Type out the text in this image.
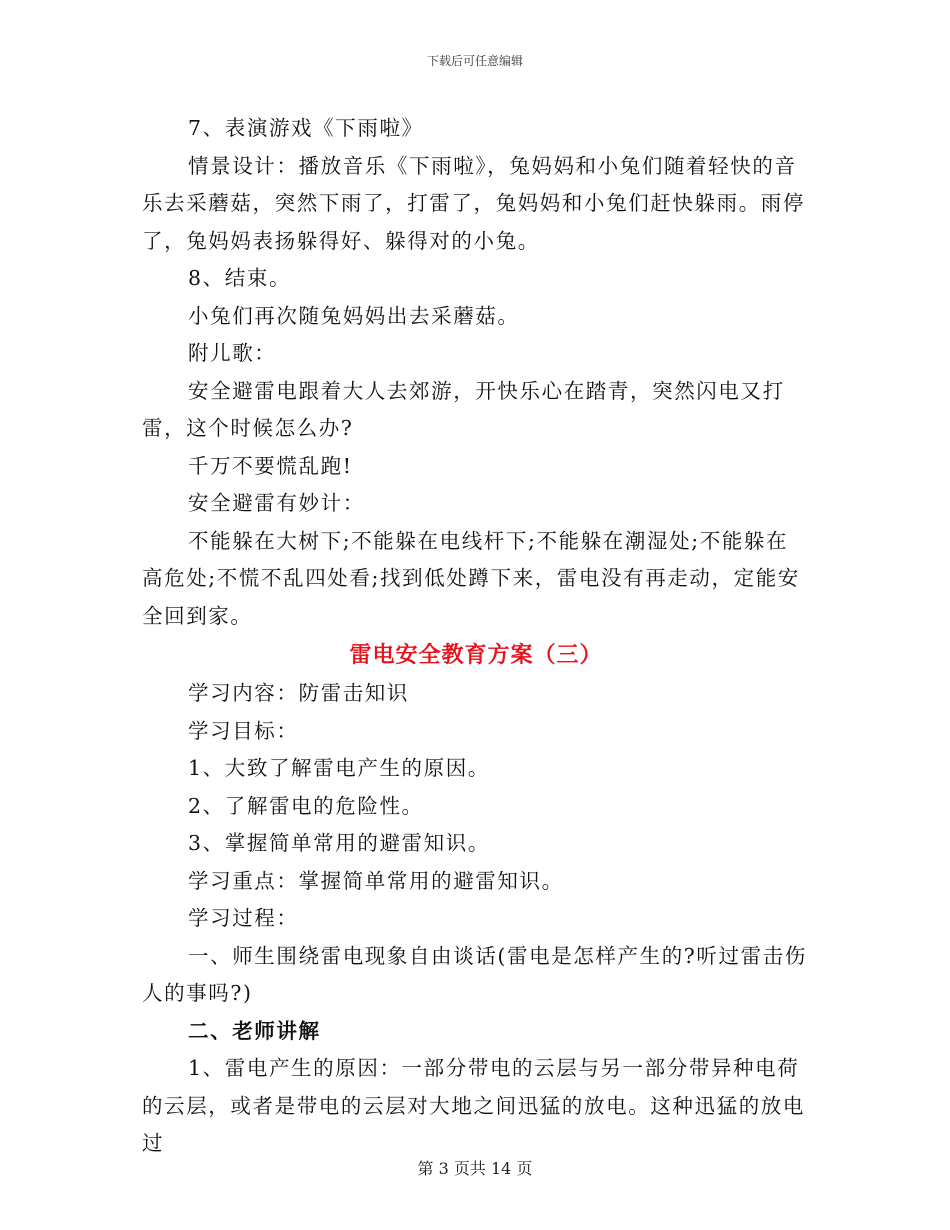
下载后可任意编辑

7、表演游戏《下雨啦》

情景设计：播放音乐《下雨啦》，兔妈妈和小兔们随着轻快的音乐去采蘑菇，突然下雨了，打雷了，兔妈妈和小兔们赶快躲雨。雨停了，兔妈妈表扬躲得好、躲得对的小兔。

8、结束。

小兔们再次随兔妈妈出去采蘑菇。

附儿歌：

安全避雷电跟着大人去郊游，开快乐心在踏青，突然闪电又打雷，这个时候怎么办?

千万不要慌乱跑!

安全避雷有妙计：

不能躲在大树下;不能躲在电线杆下;不能躲在潮湿处;不能躲在高危处;不慌不乱四处看;找到低处蹲下来，雷电没有再走动，定能安全回到家。

雷电安全教育方案（三）

学习内容：防雷击知识

学习目标：

1、大致了解雷电产生的原因。

2、了解雷电的危险性。

3、掌握简单常用的避雷知识。

学习重点：掌握简单常用的避雷知识。

学习过程：

一、师生围绕雷电现象自由谈话(雷电是怎样产生的?听过雷击伤人的事吗?)

二、老师讲解

1、雷电产生的原因：一部分带电的云层与另一部分带异种电荷的云层，或者是带电的云层对大地之间迅猛的放电。这种迅猛的放电过

第 3 页共 14 页
